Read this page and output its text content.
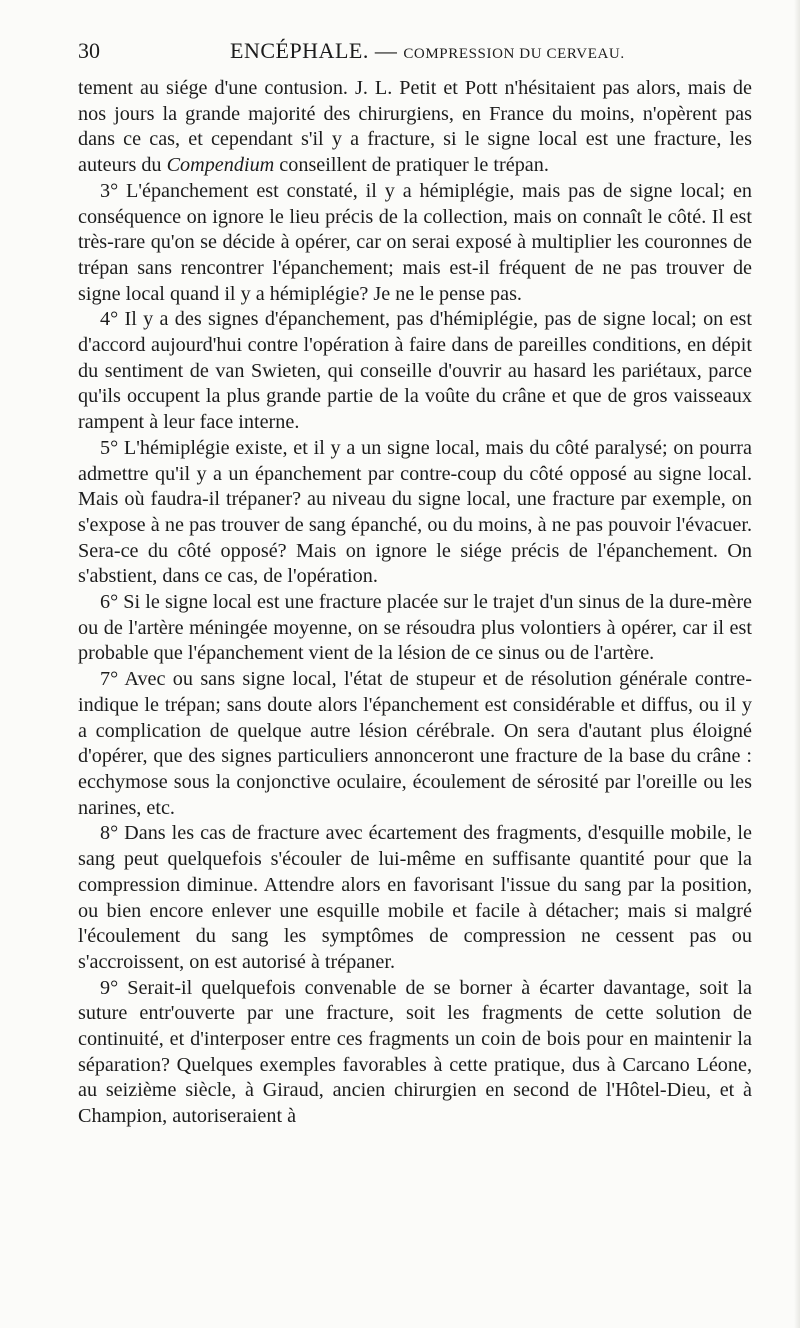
30	ENCÉPHALE. — COMPRESSION DU CERVEAU.

tement au siége d'une contusion. J. L. Petit et Pott n'hésitaient pas alors, mais de nos jours la grande majorité des chirurgiens, en France du moins, n'opèrent pas dans ce cas, et cependant s'il y a fracture, si le signe local est une fracture, les auteurs du Compendium conseillent de pratiquer le trépan.

3° L'épanchement est constaté, il y a hémiplégie, mais pas de signe local; en conséquence on ignore le lieu précis de la collection, mais on connaît le côté. Il est très-rare qu'on se décide à opérer, car on serai exposé à multiplier les couronnes de trépan sans rencontrer l'épanchement; mais est-il fréquent de ne pas trouver de signe local quand il y a hémiplégie? Je ne le pense pas.

4° Il y a des signes d'épanchement, pas d'hémiplégie, pas de signe local; on est d'accord aujourd'hui contre l'opération à faire dans de pareilles conditions, en dépit du sentiment de van Swieten, qui conseille d'ouvrir au hasard les pariétaux, parce qu'ils occupent la plus grande partie de la voûte du crâne et que de gros vaisseaux rampent à leur face interne.

5° L'hémiplégie existe, et il y a un signe local, mais du côté paralysé; on pourra admettre qu'il y a un épanchement par contre-coup du côté opposé au signe local. Mais où faudra-il trépaner? au niveau du signe local, une fracture par exemple, on s'expose à ne pas trouver de sang épanché, ou du moins, à ne pas pouvoir l'évacuer. Sera-ce du côté opposé? Mais on ignore le siége précis de l'épanchement. On s'abstient, dans ce cas, de l'opération.

6° Si le signe local est une fracture placée sur le trajet d'un sinus de la dure-mère ou de l'artère méningée moyenne, on se résoudra plus volontiers à opérer, car il est probable que l'épanchement vient de la lésion de ce sinus ou de l'artère.

7° Avec ou sans signe local, l'état de stupeur et de résolution générale contre-indique le trépan; sans doute alors l'épanchement est considérable et diffus, ou il y a complication de quelque autre lésion cérébrale. On sera d'autant plus éloigné d'opérer, que des signes particuliers annonceront une fracture de la base du crâne : ecchymose sous la conjonctive oculaire, écoulement de sérosité par l'oreille ou les narines, etc.

8° Dans les cas de fracture avec écartement des fragments, d'esquille mobile, le sang peut quelquefois s'écouler de lui-même en suffisante quantité pour que la compression diminue. Attendre alors en favorisant l'issue du sang par la position, ou bien encore enlever une esquille mobile et facile à détacher; mais si malgré l'écoulement du sang les symptômes de compression ne cessent pas ou s'accroissent, on est autorisé à trépaner.

9° Serait-il quelquefois convenable de se borner à écarter davantage, soit la suture entr'ouverte par une fracture, soit les fragments de cette solution de continuité, et d'interposer entre ces fragments un coin de bois pour en maintenir la séparation? Quelques exemples favorables à cette pratique, dus à Carcano Léone, au seizième siècle, à Giraud, ancien chirurgien en second de l'Hôtel-Dieu, et à Champion, autoriseraient à
